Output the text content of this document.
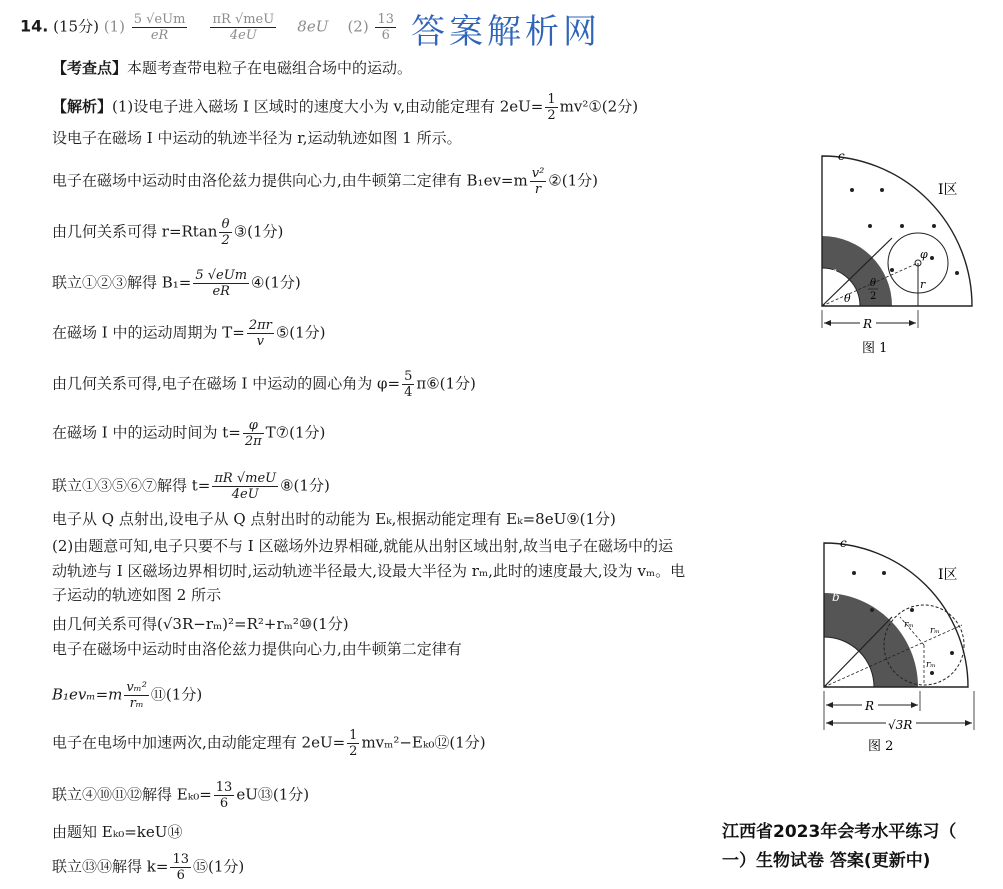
14. (15分) $(1) \frac{\text{5 √eUm}}{eR}$
$\frac{\text{πR √meU}}{4eU} 8eU$ $(2) \frac{13}{6}$ 答案解析网
【考查点】本题考查带电粒子在电磁组合场中的运动。
【解析】(1)设电子进入磁场 I 区域时的速度大小为 v,由动能定理有 $2eU= \frac{1}{2}$ mv²①(2分)
设电子在磁场 I 中运动的轨迹半径为 r,运动轨迹如图 1 所示。
电子在磁场中运动时由洛伦兹力提供向心力,由牛顿第二定律有 $B_1ev=m \frac{\text{v²}}{r}$ ②(1分)
由几何关系可得 $r=Rtan \frac{\theta}{2}$ ③(1分)
联立①②③解得 $B_1= \frac{\text{5 √eUm}}{eR}$ ④(1分)
在磁场 I 中的运动周期为 $T= \frac{2\pi r}{v}$ ⑤(1分)
由几何关系可得,电子在磁场 I 中运动的圆心角为 $\varphi= \frac{5}{4}$ π⑥(1分)
在磁场 I 中的运动时间为 $t= \frac{\varphi}{2\pi}$ T⑦(1分)
联立①③⑤⑥⑦解得 $t= \frac{\text{πR √meU}}{4eU}$ ⑧(1分)
电子从 Q 点射出,设电子从 Q 点射出时的动能为 Eₖ,根据动能定理有 Eₖ=8eU⑨(1分)
(2)由题意可知,电子只要不与 I 区磁场外边界相碰,就能从出射区域出射,故当电子在磁场中的运
动轨迹与 I 区磁场边界相切时,运动轨迹半径最大,设最大半径为 rₘ,此时的速度最大,设为 vₘ。电
子运动的轨迹如图 2 所示
由几何关系可得(√3R−rₘ)²=R²+rₘ²⑩(1分)
电子在磁场中运动时由洛伦兹力提供向心力,由牛顿第二定律有
$B_1ev_m=m \frac{\text{vₘ²}}{\text{rₘ}}$ ⑪(1分)
电子在电场中加速两次,由动能定理有 $2eU= \frac{1}{2}$ mvₘ²−Eₖ₀⑫(1分)
联立④⑩⑪⑫解得 $E_{k0}= \frac{13}{6}$ eU⑬(1分)
由题知 Eₖ₀=keU⑭
联立⑬⑭解得 $k= \frac{13}{6}$ ⑮(1分)
c
b
a
I区
φ
θ
θ
2
r
R
图 1
c
b
a
I区
rₘ
rₘ
rₘ
R
√3R
图 2
江西省2023年会考水平练习（
一）生物试卷 答案(更新中)
